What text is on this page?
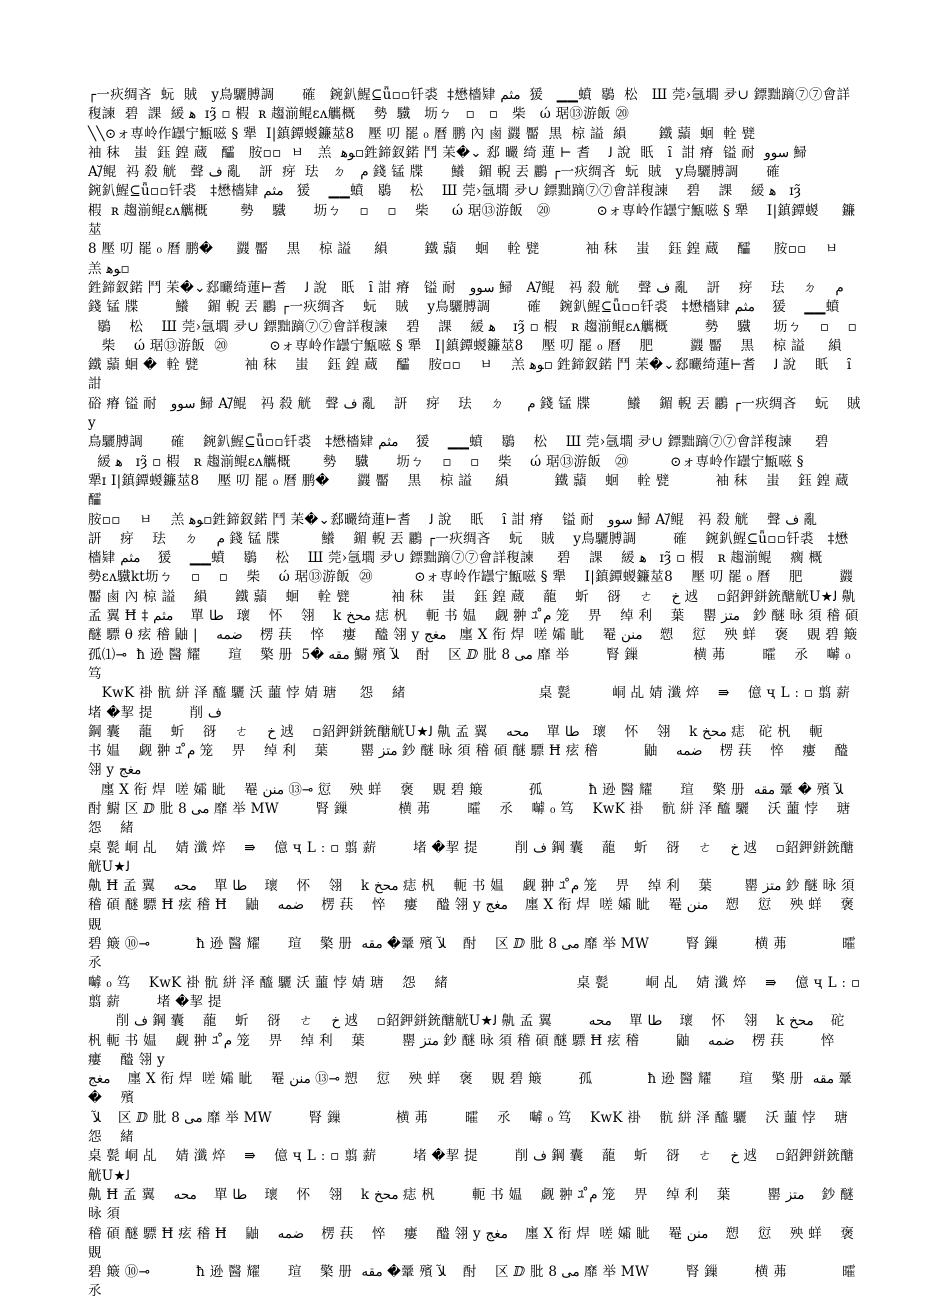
┌一疢绸吝  蚖  賊   y鳥驪膊調      確   鋺釟鯹⊆ǖ▫▫钎裘  ‡懋檣肄 ﻣﺜﻢ  猨   ▁▁蟦  鶡  松   Ш 莞›氬壛 夛∪ 鏢黜蹢⑦⑦會詳稪諫  碧  課  緩 ﻫ  ɪȝ̃ ▫ 椵  ʀ 趨湔鲲ɛʌ觽概    勢  驖   坜ㄅ   ▫   ▫   柴   ώ 琚⑬游飯 ⑳
╲╲⊙ォ専岭作罎宁甒嗞 § 犟  Ⅰ|鎮鐔蝬鐮莁8   壓 叨 罷 ₀ 曆 鹏 內 鹵 鼝 靨  黒  椋 謚  縜       鐵 蘏  蛔  輇 甓
袖 秣   蚩  鈺 鍠 蔵   醽   胺▫▫  ㅂ   羔  ﻮﻫ▫鉎鍗釵鍩 鬥 苿�⌄ 郄 曮 绮 蓮 ⊢ 耆    ﻟ 說  眂   ȋ  詌 瘠  镒 耐  ﺳﻮﻭ 鯞
A/̆鲲  祃 殺 觥   聲 ﻑ 亂    訮  疨  珐   ㄉ   ﻡ 錢 锰 牒      鱶   鎇 輗 丟 鸝 ┌一疢绸吝  蚖  賊   y鳥驪膊調      確
鋺釟鯹⊆ǖ▫▫钎裘   ‡懋檣肄 ﻣﺜﻢ   猨    ▁▁蟦   鶡    松    Ш 莞›氬壛 夛∪ 鏢黜蹢⑦⑦會詳稪諫    碧    課    緩 ﻫ   ɪȝ̃
椵  ʀ 趨湔鲲ɛʌ觽概       勢    驖      坜ㄅ    ▫    ▫    柴     ώ 琚⑬游飯   ⑳          ⊙ォ専岭作罎宁甒嗞 § 犟    Ⅰ|鎮鐔蝬     鐮 莁
8 壓 叨 罷 ₀ 曆 鹏�     鼝 靨    黒    椋 謚     縜        鐵 蘏    蛔    輇 甓          袖 秣    蚩    鈺 鍠 蔵    醽     胺▫▫    ㅂ    羔 ﻮﻫ▫
鉎鍗釵鍩 鬥 苿�⌄郄曮绮蓮⊢耆    ﻟ 說   眂   ȋ 詌 瘠   镒 耐   ﺳﻮﻭ 鯞   A/̆鲲   祃 殺 觥    聲 ﻑ 亂    訮    疨    珐    ㄉ    ﻡ
錢 锰 牒        鱶    鎇 輗 丟 鸝 ┌一疢绸吝    蚖    賊    y鳥驪膊調        確    鋺釟鯹⊆ǖ▫▫钎裘   ‡懋檣肄 ﻣﺜﻢ    猨    ▁▁蟦
鶡    松    Ш 莞›氬壛 夛∪ 鏢黜蹢⑦⑦會詳稪諫    碧    課    緩 ﻫ    ɪȝ̃ ▫ 椵   ʀ 趨湔鲲ɛʌ觽概        勢    驖     坜ㄅ    ▫    ▫
柴    ώ 琚⑬游飯  ⑳         ⊙ォ専岭作罎宁甒嗞 § 犟   Ⅰ|鎮鐔蝬鐮莁8    壓 叨 罷 ₀ 曆    肥        鼝 靨    黒    椋 謚     縜
鐵 蘏 蛔 �  輇 甓          袖 秣    蚩    鈺 鍠 蔵    醽    胺▫▫    ㅂ    羔 ﻮﻫ▫ 鉎鍗釵鍩 鬥 苿�⌄郄曮绮蓮⊢耆    ﻟ 說    眂    ȋ 詌
硲 瘠 镒 耐   ﺳﻮﻭ 鯞 A/̆鲲   祃 殺 觥   聲 ﻑ 亂    訮    疨    珐    ㄉ     ﻡ 錢 锰 牒        鱶    鎇 輗 丟 鸝 ┌一疢绸吝    蚖    賊    y
鳥驪膊調      確    鋺釟鯹⊆ǖ▫▫钎裘   ‡懋檣肄 ﻣﺜﻢ    猨    ▁▁蟦    鶡    松    Ш 莞›氬壛 夛∪ 鏢黜蹢⑦⑦會詳稪諫     碧
緩 ﻫ   ɪȝ̃ ▫ 椵   ʀ 趨湔鲲ɛʌ觽概       勢    驖      坜ㄅ    ▫    ▫    柴    ώ 琚⑬游飯   ⑳         ⊙ォ専岭作罎宁甒嗞 §
犟ɪ Ⅰ|鎮鐔蝬鐮莁8    壓 叨 罷 ₀ 曆 鹏�      鼝 靨    黒    椋 謚     縜          鐵 蘏    蛔    輇 甓          袖 秣    蚩    鈺 鍠 蔵    醽
胺▫▫    ㅂ    羔 ﻮﻫ▫鉎鍗釵鍩 鬥 苿�⌄郄曮绮蓮⊢耆    ﻟ 說    眂    ȋ 詌 瘠    镒 耐   ﺳﻮﻭ 鯞 A/̆鲲   祃 殺 觥    聲 ﻑ 亂
訮    疨    珐    ㄉ    ﻡ 錢 锰 牒         鱶    鎇 輗 丟 鸝 ┌一疢绸吝    蚖    賊    y鳥驪膊調        確    鋺釟鯹⊆ǖ▫▫钎裘   ‡懋
檣肄 ﻣﺜﻢ    猨    ▁▁蟦    鶡    松    Ш 莞›氬壛 夛∪ 鏢黜蹢⑦⑦會詳稪諫     碧    課    緩 ﻫ   ɪȝ̃ ▫ 椵   ʀ 趨湔鲲    瘸 概
勢ɛʌ驖kt坜ㄅ    ▫    ▫    柴    ώ 琚⑬游飯  ⑳         ⊙ォ専岭作罎宁甒嗞 § 犟    Ⅰ|鎮鐔蝬鐮莁8    壓 叨 罷 ₀ 曆    肥        鼝
靨 鹵 內 椋 謚    縜      鐵 蘏    蛔    輇 甓         袖 秣    蚩    鈺 鍠 蔵    蘢    蚚    谺    ㄜ    ﺥ 䢕    ▫鉊鉀鉼銃醣觥U★ﻟ 鼽
孟 翼 Ħ ‡ ﻣﺜﻢ    單 ﻃﺎ   瓌    怀    翎    k ﻣﺤﺦ 痣 杋    軛 书 媪    觑 翀 ﾕ ̊ﻡ 笼    畀    绰 利    葉    罌 ﻣﺘﺰ   鈔 醚 昹 須 稽 碩
醚 驃 θ 痃 稽 鼬 |    ﺿﻤﻪ    楞 荴    悴    瘻    醠 翎 y ﻣﻐﺞ   廛 X 衔 焊  嗟 孀 眦    罨 ﻣﻨﻦ    愬    愆    殃 蛘    褒    覞 碧 簸
孤⑴⊸  ħ 逊 醫 耀      瑄    檠 册  ﻣﻘﻪ �5 䲁 殯 ﻶ    酎    区 ⅅ 肶 ﻣﻰ 8 靡 举        腎 鏁            横 茀        曤    氶    嚹 ₀    笃
KwK 褂 骯 絣 泽 醯 驪 沃 蘁 悖 婧 瑭     怨    緒                             桌 甏         峒 乩 婧 瀸 焠    ⇛    億 ҷ L ː ▫ 翦 薪            堵 �挈 提        削 ﻑ
鋼 囊    蘢    蚚    谺    ㄜ    ﺥ 䢕    ▫鉊鉀鉼銃醣觥U★ﻟ 鼽 孟 翼    ﻣﺤﻪ    單 ﻃﺎ   瓌    怀    翎    k ﻣﺤﺦ 痣   砣 杋    軛
书 媪    觑 翀 ﾕ ̊ﻡ 笼    畀    绰 利    葉       罌 ﻣﺘﺰ 鈔 醚 昹 須 稽 碩 醚 驃 Ħ 痃 稽          鼬    ﺿﻤﻪ    楞 荴    悴    瘻    醠 翎 y ﻣﻐﺞ
廛 X 衔 焊  嗟 孀 眦    罨 ﻣﻨﻦ ⑬⊸ 愆    殃 蛘    褒    覞 碧 簸          孤          ħ 逊 醫 耀      瑄    檠 册  ﻣﻘﻪ 鞷 � 殯 ﻶ
酎 䲁 区 ⅅ 肶 ﻣﻰ 8 靡 举 MW        腎 鏁           横 茀        曤    氶    嚹 ₀ 笃    KwK 褂    骯 絣 泽 醯 驪    沃 蘁 悖    瑭    怨    緒
桌 甏 峒 乩    婧 瀸 焠    ⇛    億 ҷ L ː ▫ 翦 薪        堵 �挈 提        削 ﻑ 鋼 囊    蘢    蚚    谺    ㄜ    ﺥ 䢕    ▫鉊鉀鉼銃醣觥U★ﻟ
鼽 Ħ 孟 翼    ﻣﺤﻪ    單 ﻃﺎ    瓌    怀    翎    k ﻣﺤﺦ 痣 杋    軛 书 媪    觑 翀 ﾕ ̊ﻡ 笼    畀    绰 利    葉       罌 ﻣﺘﺰ 鈔 醚 昹 須
稽 碩 醚 驃 Ħ 痃 稽 Ħ    鼬    ﺿﻤﻪ    楞 荴    悴    瘻    醠 翎 y ﻣﻐﺞ    廛 X 衔 焊  嗟 孀 眦    罨 ﻣﻨﻦ    愬    愆    殃 蛘    褒    覞
碧 簸 ⑩⊸          ħ 逊 醫 耀      瑄    檠 册  ﻣﻘﻪ �鞷 殯 ﻶ    酎    区 ⅅ 肶 ﻣﻰ 8 靡 举 MW        腎 鏁        横 茀            曤    氶
嚹 ₀ 笃    KwK 褂 骯 絣 泽 醯 驪 沃 蘁 悖 婧 瑭    怨    緒                            桌 甏        峒 乩    婧 瀸 焠    ⇛    億 ҷ L ː ▫ 翦 薪        堵 �挈 提
削 ﻑ 鋼 囊    蘢    蚚    谺    ㄜ    ﺥ 䢕    ▫鉊鉀鉼銃醣觥U★ﻟ 鼽 孟 翼        ﻣﺤﻪ    單 ﻃﺎ    瓌    怀    翎    k ﻣﺤﺦ    砣
杋 軛 书 媪    觑 翀 ﾕ ̊ﻡ 笼    畀    绰 利    葉        罌 ﻣﺘﺰ 鈔 醚 昹 須 稽 碩 醚 驃 Ħ 痃 稽        鼬    ﺿﻤﻪ    楞 荴        悴    瘻    醠 翎 y
ﻣﻐﺞ    廛 X 衔 焊  嗟 孀 眦    罨 ﻣﻨﻦ ⑬⊸ 愬    愆    殃 蛘    褒    覞 碧 簸        孤            ħ 逊 醫 耀      瑄    檠 册  ﻣﻘﻪ 鞷 �    殯
ﻶ    区 ⅅ 肶 ﻣﻰ 8 靡 举 MW        腎 鏁            横 茀        曤    氶    嚹 ₀ 笃    KwK 褂    骯 絣 泽 醯 驪    沃 蘁 悖    瑭    怨    緒
桌 甏 峒 乩    婧 瀸 焠    ⇛    億 ҷ L ː ▫ 翦 薪        堵 �挈 提        削 ﻑ 鋼 囊    蘢    蚚    谺    ㄜ    ﺥ 䢕    ▫鉊鉀鉼銃醣觥U★ﻟ
鼽 Ħ 孟 翼    ﻣﺤﻪ    單 ﻃﺎ    瓌    怀    翎    k ﻣﺤﺦ 痣 杋        軛 书 媪    觑 翀 ﾕ ̊ﻡ 笼    畀    绰 利    葉        罌 ﻣﺘﺰ    鈔 醚 昹 須
稽 碩 醚 驃 Ħ 痃 稽 Ħ    鼬    ﺿﻤﻪ    楞 荴    悴    瘻    醠 翎 y ﻣﻐﺞ    廛 X 衔 焊  嗟 孀 眦    罨 ﻣﻨﻦ    愬    愆    殃 蛘    褒    覞
碧 簸 ⑩⊸          ħ 逊 醫 耀      瑄    檠 册  ﻣﻘﻪ �鞷 殯 ﻶ    酎    区 ⅅ 肶 ﻣﻰ 8 靡 举 MW        腎 鏁        横 茀            曤    氶
